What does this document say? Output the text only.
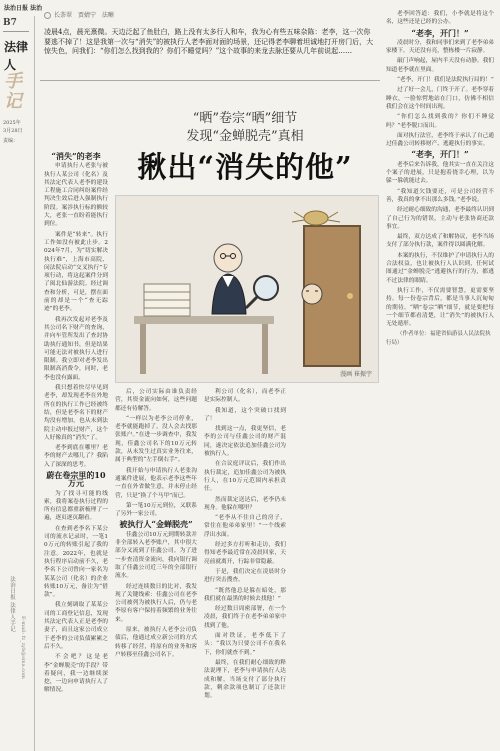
法治日报 法治
B7
法律人
手记
2025年
3月28日
责编：
法治日报 法律人手记
E-mail: fz_zyb@sina.com
长荼翠　贾婧宁　法晰
凌晨4点，晨光熹微。天边泛起了鱼肚白，路上没有太多行人和车，我为心有些五味杂陈：老李，这一次你要逃不掉了！这是我第一次与“消失”的被执行人老李面对面的场景，还记得老李聊着坦诚地打开房门后，大惊失色，问我们：“你们怎么找到我的？你们不睡觉吗？”这个故事的来龙去脉还要从几年前说起……
“晒”卷宗“晒”细节
发现“金蝉脱壳”真相
揪出“消失的他”
漫画 崔振宇

“消失”的老李

申请执行人老张与被执行人某公司（化名）及其法定代表人老李的建设工程施工合同纠纷案件经判决生效后进入强制执行阶段。案涉执行标的额较大，老张一直盼着能执行到位。

案件是“转来”。执行工作如没有被此止步。2024年7月，为“切实解决执行难”，上海市高院、闵法院启动“交叉执行”专项行动，将这起案件分到了闽北仙游法院。经过调查和分析，可是，摆在面前的却是一个“查无踪迹”的老李。

我再次发起对老李及其公司名下财产的查询，并向车管所发出了查封协助执行通知书，但是结果可能无法对被执行人进行限制。我立即对老李发出限制高消费令，同时，老李也没有露面。

我只想着快尽早见到老李，却发现老李在外地所在的执行工作已经被终结，但是老李名下的财产均没有增加，也从未到法院主动申报过财产，这个人好像真的“消失”了。

老李到底在哪里？老李的财产去哪儿了？我陷入了深深的思考。

蔚在卷宗里的10万元

为了找寻可能的线索，我将案卷执行过程的所有信息都重新梳理了一遍，逐页逐页翻看。

在查到老李名下某公司的流水记录时，一笔10万元的转账引起了我的注意。2022年，也就是执行程序启动前不久，老李名下公司曾向一家名为某某公司（化名）的企业转账10万元，备注为“借款”。

我立刻调取了某某公司的工商登记信息，发现其法定代表人正是老李的妻子，而且这家公司成立于老李的公司负债累累之后不久。

不会吧？这是老李“金蝉脱壳”的手段？带着疑问，我一边继续深挖，一边向申请执行人了解情况。

后，公司实际由谁负责经营，其资金流向如何，这些问题都还有待解答。

“一样以为老李公司停业，老李就能跑掉了，没人会去找那张账户。”在进一步调查中，我发现，佳鑫公司名下的10万元转款，从未发生过真实业务往来，属于典型的“左手倒右手”。

我开始与申请执行人老张沟通案件进展，他表示老李这些年一直在外省做生意，并未停止经营，只是“换了个马甲”而已。

第一笔10万元到位，又联系了另外一家公司。

被执行人“金蝉脱壳”

佳鑫公司10万元到期转款并非全部转入老李账户，其中很大部分又流到了佳鑫公司。为了进一步查清资金流向，我向银行调取了佳鑫公司近三年的全部银行流水。

经过连续数日的比对，我发现了关键线索：佳鑫公司在老李公司被列为被执行人后，仍与老李原有客户保持着频繁的业务往来。

原来，被执行人老李公司负债后，他通过成立新公司的方式转移了经营，将原有的业务和客户转移至佳鑫公司名下。

利公司（化名），而老李正是实际控制人。

我知道，这个突破口找到了！

找到这一点，我更坚信，老李的公司与佳鑫公司的财产混同，遂决定依法追加佳鑫公司为被执行人。

在合议庭评议后，我们作出执行裁定，追加佳鑫公司为被执行人，在10万元范围内承担责任。

然而裁定送达后，老李仍未现身。他躲在哪里？

“老李从不住自己的房子，常住在他弟弟家里！”一个线索浮出水面。

经过多方打听和走访，我们得知老李最近常在凌晨回家，天亮前就离开，行踪非常隐蔽。

于是，我们决定在凌晨时分进行突击搜查。

“既然他总是躲在暗处，那我们就在最黑的时候去找他！”

经过数日周密部署，在一个凌晨，我们终于在老李弟弟家中找到了他。

面对铁证，老李低下了头：“我以为只要公司不在我名下，你们就查不到。”

最终，在我们耐心细致的释法说理下，老李与申请执行人达成和解，当场支付了部分执行款，剩余款项也制订了还款计划。

老李回答道：我们，小李就是将这个名，这些还是已经的公办。

“老李，开门！”

凌晨时分，我和同事们来到了老李弟弟家楼下。天还没有亮，整栋楼一片寂静。

敲门声响起，屋内半天没有动静。我们知道老李就在里面。

“老李，开门！我们是法院执行局的！”

过了好一会儿，门终于开了。老李穿着睡衣，一脸惊愕地站在门口，仿佛不相信我们会在这个时间出现。

“你们怎么找到我的？你们不睡觉吗？”老李脱口而出。

面对执行法官，老李终于承认了自己通过佳鑫公司转移财产、逃避执行的事实。

“老李，开门！”

老李后来告诉我，他其实一直在关注这个案子的进展，只是抱着侥幸心理，以为躲一躲就能过去。

“我知道欠钱要还，可是公司经营不善，我真的拿不出那么多钱。”老李说。

经过耐心细致的沟通，老李最终认识到了自己行为的错误，主动与老张协商还款事宜。

最终，双方达成了和解协议，老李当场支付了部分执行款，案件得以圆满化解。

本案的执行，不仅维护了申请执行人的合法权益，也让被执行人认识到，任何试图通过“金蝉脱壳”逃避执行的行为，都逃不过法律的眼睛。

执行工作，不仅需要智慧，更需要坚持。每一份卷宗背后，都是当事人沉甸甸的期待。“晒”卷宗“晒”细节，就是要把每一个细节都看清楚，让“消失”的被执行人无处遁形。

（作者单位：福建省仙游县人民法院执行局）
